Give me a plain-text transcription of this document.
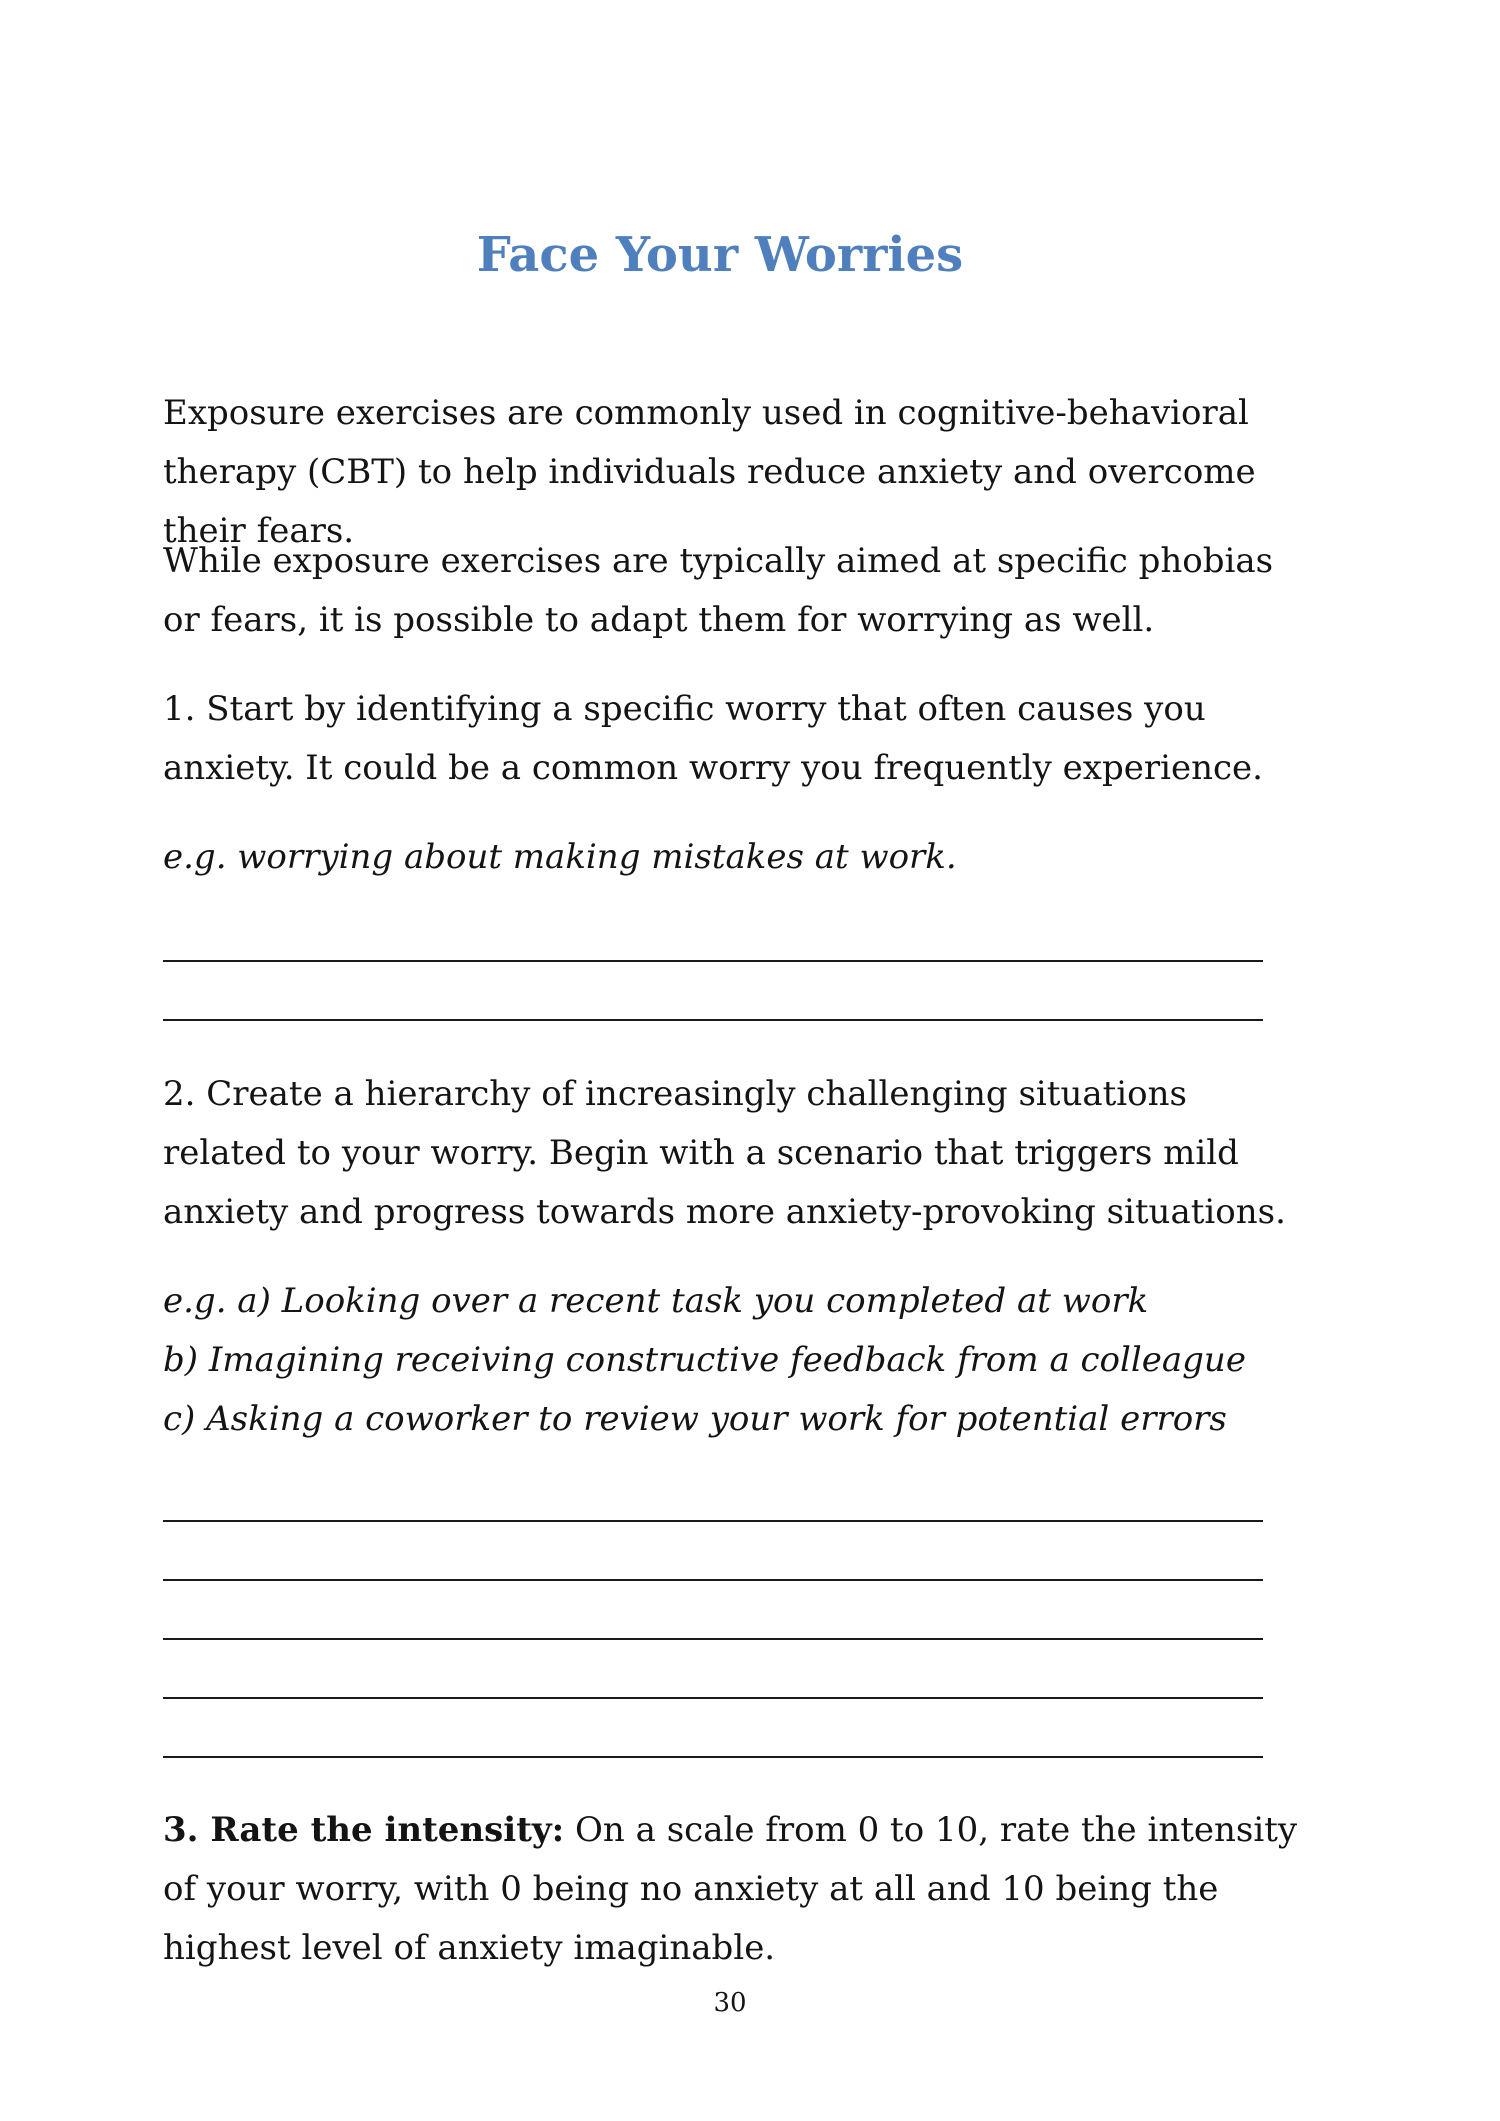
Face Your Worries

Exposure exercises are commonly used in cognitive-behavioral therapy (CBT) to help individuals reduce anxiety and overcome their fears.

While exposure exercises are typically aimed at specific phobias or fears, it is possible to adapt them for worrying as well.

1. Start by identifying a specific worry that often causes you anxiety. It could be a common worry you frequently experience.

e.g. worrying about making mistakes at work.

2. Create a hierarchy of increasingly challenging situations related to your worry. Begin with a scenario that triggers mild anxiety and progress towards more anxiety-provoking situations.

e.g. a) Looking over a recent task you completed at work

b) Imagining receiving constructive feedback from a colleague

c) Asking a coworker to review your work for potential errors

3. Rate the intensity: On a scale from 0 to 10, rate the intensity of your worry, with 0 being no anxiety at all and 10 being the highest level of anxiety imaginable.

30
